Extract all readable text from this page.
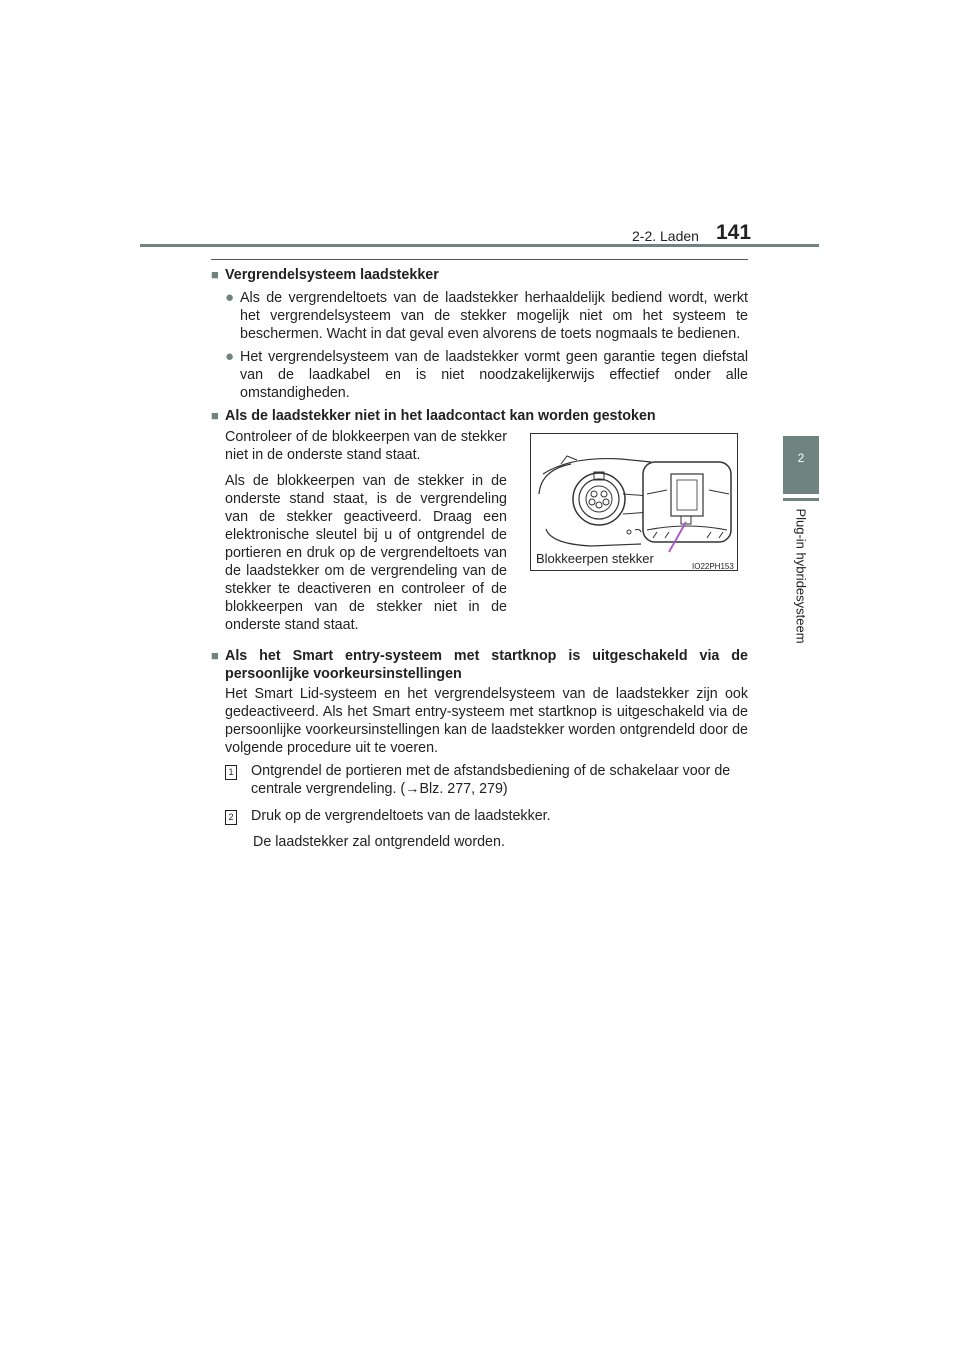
2-2. Laden 141
2
Plug-in hybridesysteem
■ Vergrendelsysteem laadstekker
● Als de vergrendeltoets van de laadstekker herhaaldelijk bediend wordt, werkt het vergrendelsysteem van de stekker mogelijk niet om het systeem te beschermen. Wacht in dat geval even alvorens de toets nogmaals te bedienen.
● Het vergrendelsysteem van de laadstekker vormt geen garantie tegen diefstal van de laadkabel en is niet noodzakelijkerwijs effectief onder alle omstandigheden.
■ Als de laadstekker niet in het laadcontact kan worden gestoken

Controleer of de blokkeerpen van de stekker niet in de onderste stand staat.

Als de blokkeerpen van de stekker in de onderste stand staat, is de vergrendeling van de stekker geactiveerd. Draag een elektronische sleutel bij u of ontgrendel de portieren en druk op de vergrendeltoets van de laadstekker om de vergrendeling van de stekker te deactiveren en controleer of de blokkeerpen van de stekker niet in de onderste stand staat.

Blokkeerpen stekker
IO22PH153
■ Als het Smart entry-systeem met startknop is uitgeschakeld via de persoonlijke voorkeursinstellingen

Het Smart Lid-systeem en het vergrendelsysteem van de laadstekker zijn ook gedeactiveerd. Als het Smart entry-systeem met startknop is uitgeschakeld via de persoonlijke voorkeursinstellingen kan de laadstekker worden ontgrendeld door de volgende procedure uit te voeren.

1 Ontgrendel de portieren met de afstandsbediening of de schakelaar voor de centrale vergrendeling. (→Blz. 277, 279)
2 Druk op de vergrendeltoets van de laadstekker.
De laadstekker zal ontgrendeld worden.
